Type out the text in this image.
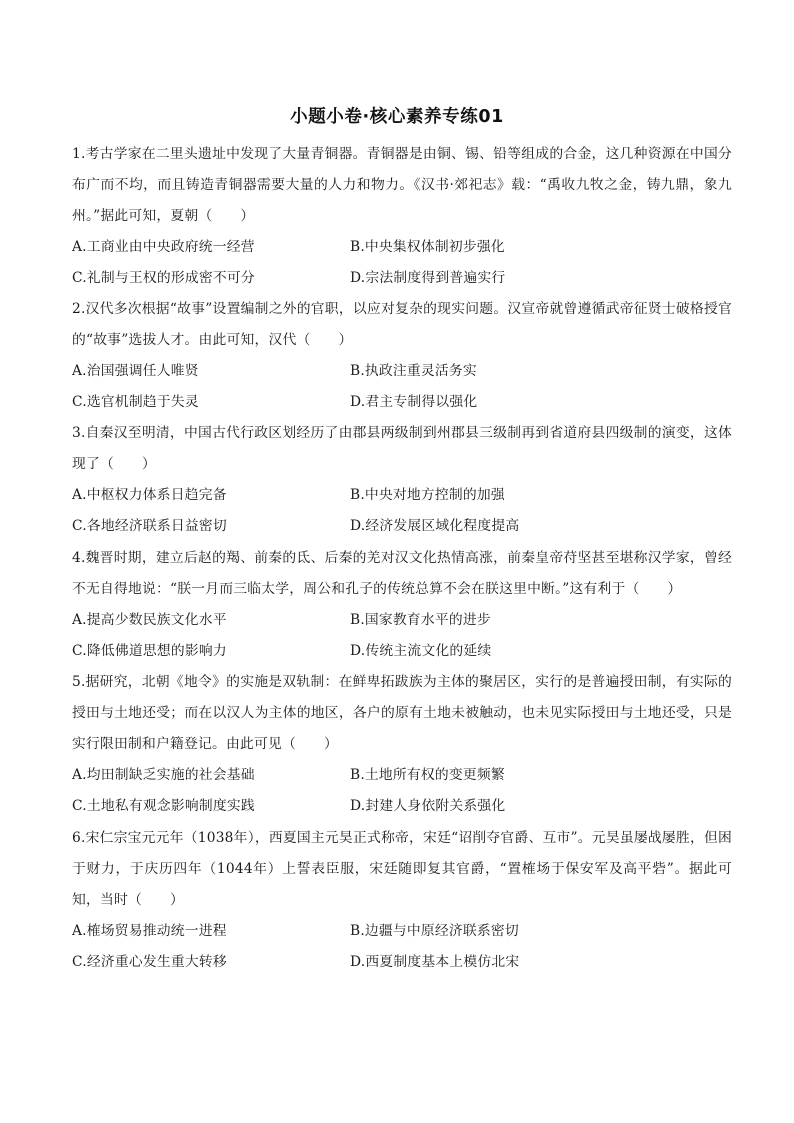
小题小卷·核心素养专练01
1.考古学家在二里头遗址中发现了大量青铜器。青铜器是由铜、锡、铅等组成的合金，这几种资源在中国分布广而不均，而且铸造青铜器需要大量的人力和物力。《汉书·郊祀志》载：“禹收九牧之金，铸九鼎，象九州。”据此可知，夏朝（　　）
A.工商业由中央政府统一经营	B.中央集权体制初步强化
C.礼制与王权的形成密不可分	D.宗法制度得到普遍实行
2.汉代多次根据“故事”设置编制之外的官职，以应对复杂的现实问题。汉宣帝就曾遵循武帝征贤士破格授官的“故事”选拔人才。由此可知，汉代（　　）
A.治国强调任人唯贤	B.执政注重灵活务实
C.选官机制趋于失灵	D.君主专制得以强化
3.自秦汉至明清，中国古代行政区划经历了由郡县两级制到州郡县三级制再到省道府县四级制的演变，这体现了（　　）
A.中枢权力体系日趋完备	B.中央对地方控制的加强
C.各地经济联系日益密切	D.经济发展区域化程度提高
4.魏晋时期，建立后赵的羯、前秦的氐、后秦的羌对汉文化热情高涨，前秦皇帝苻坚甚至堪称汉学家，曾经不无自得地说：“朕一月而三临太学，周公和孔子的传统总算不会在朕这里中断。”这有利于（　　）
A.提高少数民族文化水平	B.国家教育水平的进步
C.降低佛道思想的影响力	D.传统主流文化的延续
5.据研究，北朝《地令》的实施是双轨制：在鲜卑拓跋族为主体的聚居区，实行的是普遍授田制，有实际的授田与土地还受；而在以汉人为主体的地区，各户的原有土地未被触动，也未见实际授田与土地还受，只是实行限田制和户籍登记。由此可见（　　）
A.均田制缺乏实施的社会基础	B.土地所有权的变更频繁
C.土地私有观念影响制度实践	D.封建人身依附关系强化
6.宋仁宗宝元元年（1038年），西夏国主元昊正式称帝，宋廷“诏削夺官爵、互市”。元昊虽屡战屡胜，但困于财力，于庆历四年（1044年）上誓表臣服，宋廷随即复其官爵，“置榷场于保安军及高平砦”。据此可知，当时（　　）
A.榷场贸易推动统一进程	B.边疆与中原经济联系密切
C.经济重心发生重大转移	D.西夏制度基本上模仿北宋
